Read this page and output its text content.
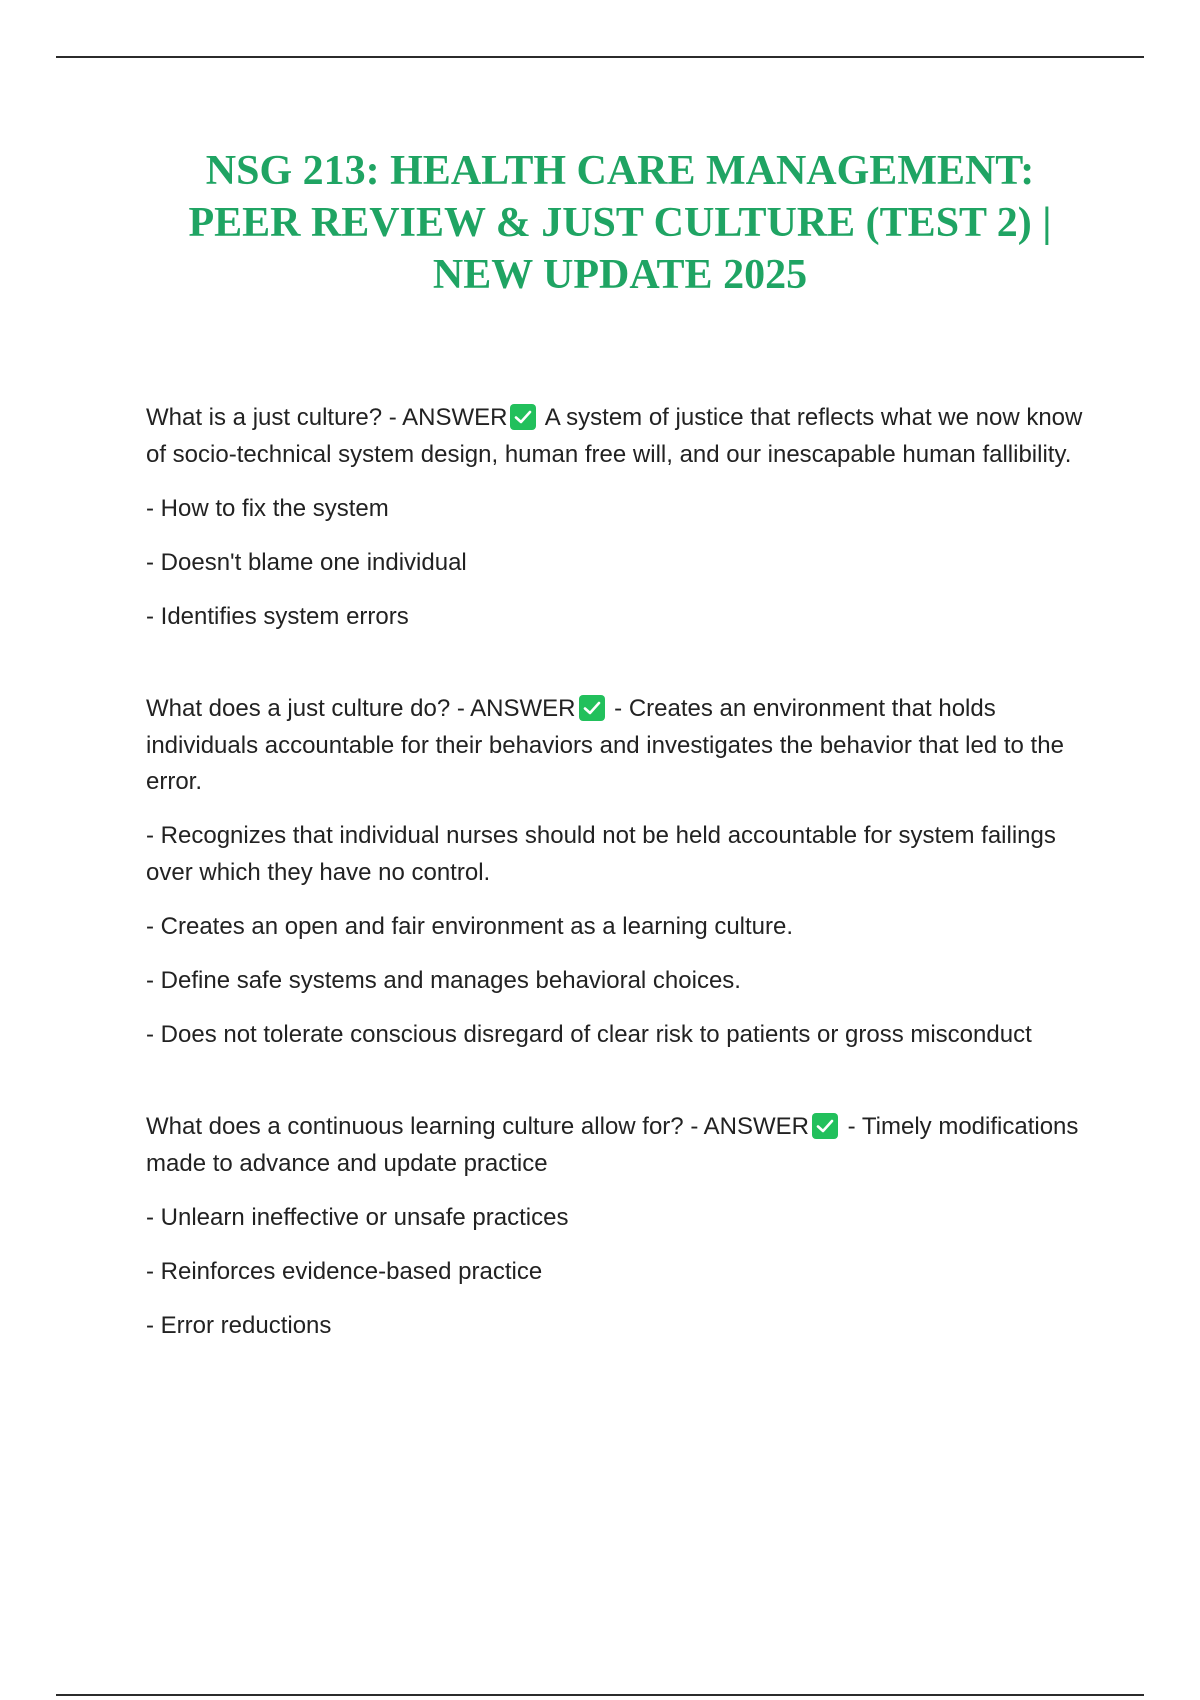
NSG 213: HEALTH CARE MANAGEMENT:
PEER REVIEW & JUST CULTURE (TEST 2) |
NEW UPDATE 2025

What is a just culture? - ANSWER
A system of justice that reflects what we now know of socio-technical system design, human free will, and our inescapable human fallibility.

- How to fix the system

- Doesn't blame one individual

- Identifies system errors

What does a just culture do? - ANSWER
- Creates an environment that holds individuals accountable for their behaviors and investigates the behavior that led to the error.

- Recognizes that individual nurses should not be held accountable for system failings over which they have no control.

- Creates an open and fair environment as a learning culture.

- Define safe systems and manages behavioral choices.

- Does not tolerate conscious disregard of clear risk to patients or gross misconduct

What does a continuous learning culture allow for? - ANSWER
- Timely modifications made to advance and update practice

- Unlearn ineffective or unsafe practices

- Reinforces evidence-based practice

- Error reductions
